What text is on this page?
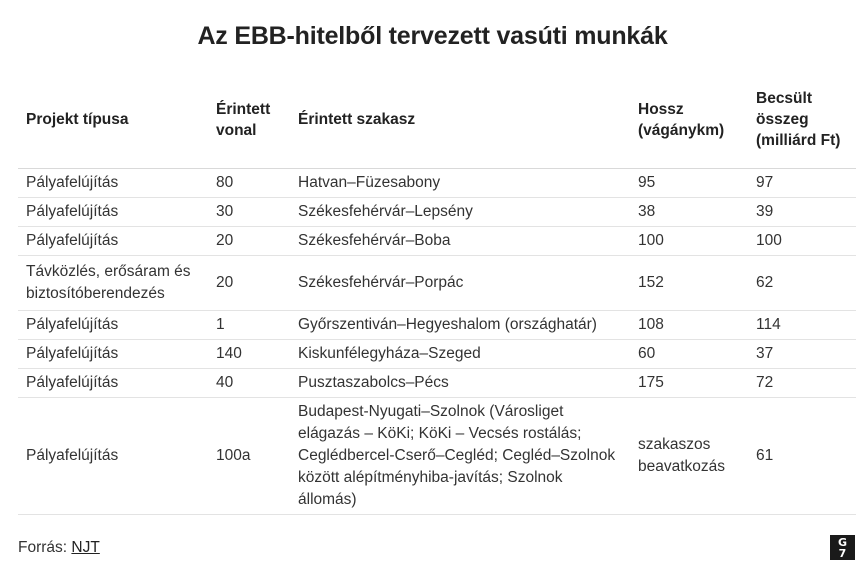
Az EBB-hitelből tervezett vasúti munkák
Projekt típusa	Érintett vonal	Érintett szakasz	Hossz (vágánykm)	Becsült összeg (milliárd Ft)
Pályafelújítás	80	Hatvan–Füzesabony	95	97
Pályafelújítás	30	Székesfehérvár–Lepsény	38	39
Pályafelújítás	20	Székesfehérvár–Boba	100	100
Távközlés, erősáram és biztosítóberendezés	20	Székesfehérvár–Porpác	152	62
Pályafelújítás	1	Győrszentiván–Hegyeshalom (országhatár)	108	114
Pályafelújítás	140	Kiskunfélegyháza–Szeged	60	37
Pályafelújítás	40	Pusztaszabolcs–Pécs	175	72
Pályafelújítás	100a	Budapest-Nyugati–Szolnok (Városliget elágazás – KöKi; KöKi – Vecsés rostálás; Ceglédbercel-Cserő–Cegléd; Cegléd–Szolnok között alépítményhiba-javítás; Szolnok állomás)	szakaszos beavatkozás	61
Forrás: NJT	G
7
